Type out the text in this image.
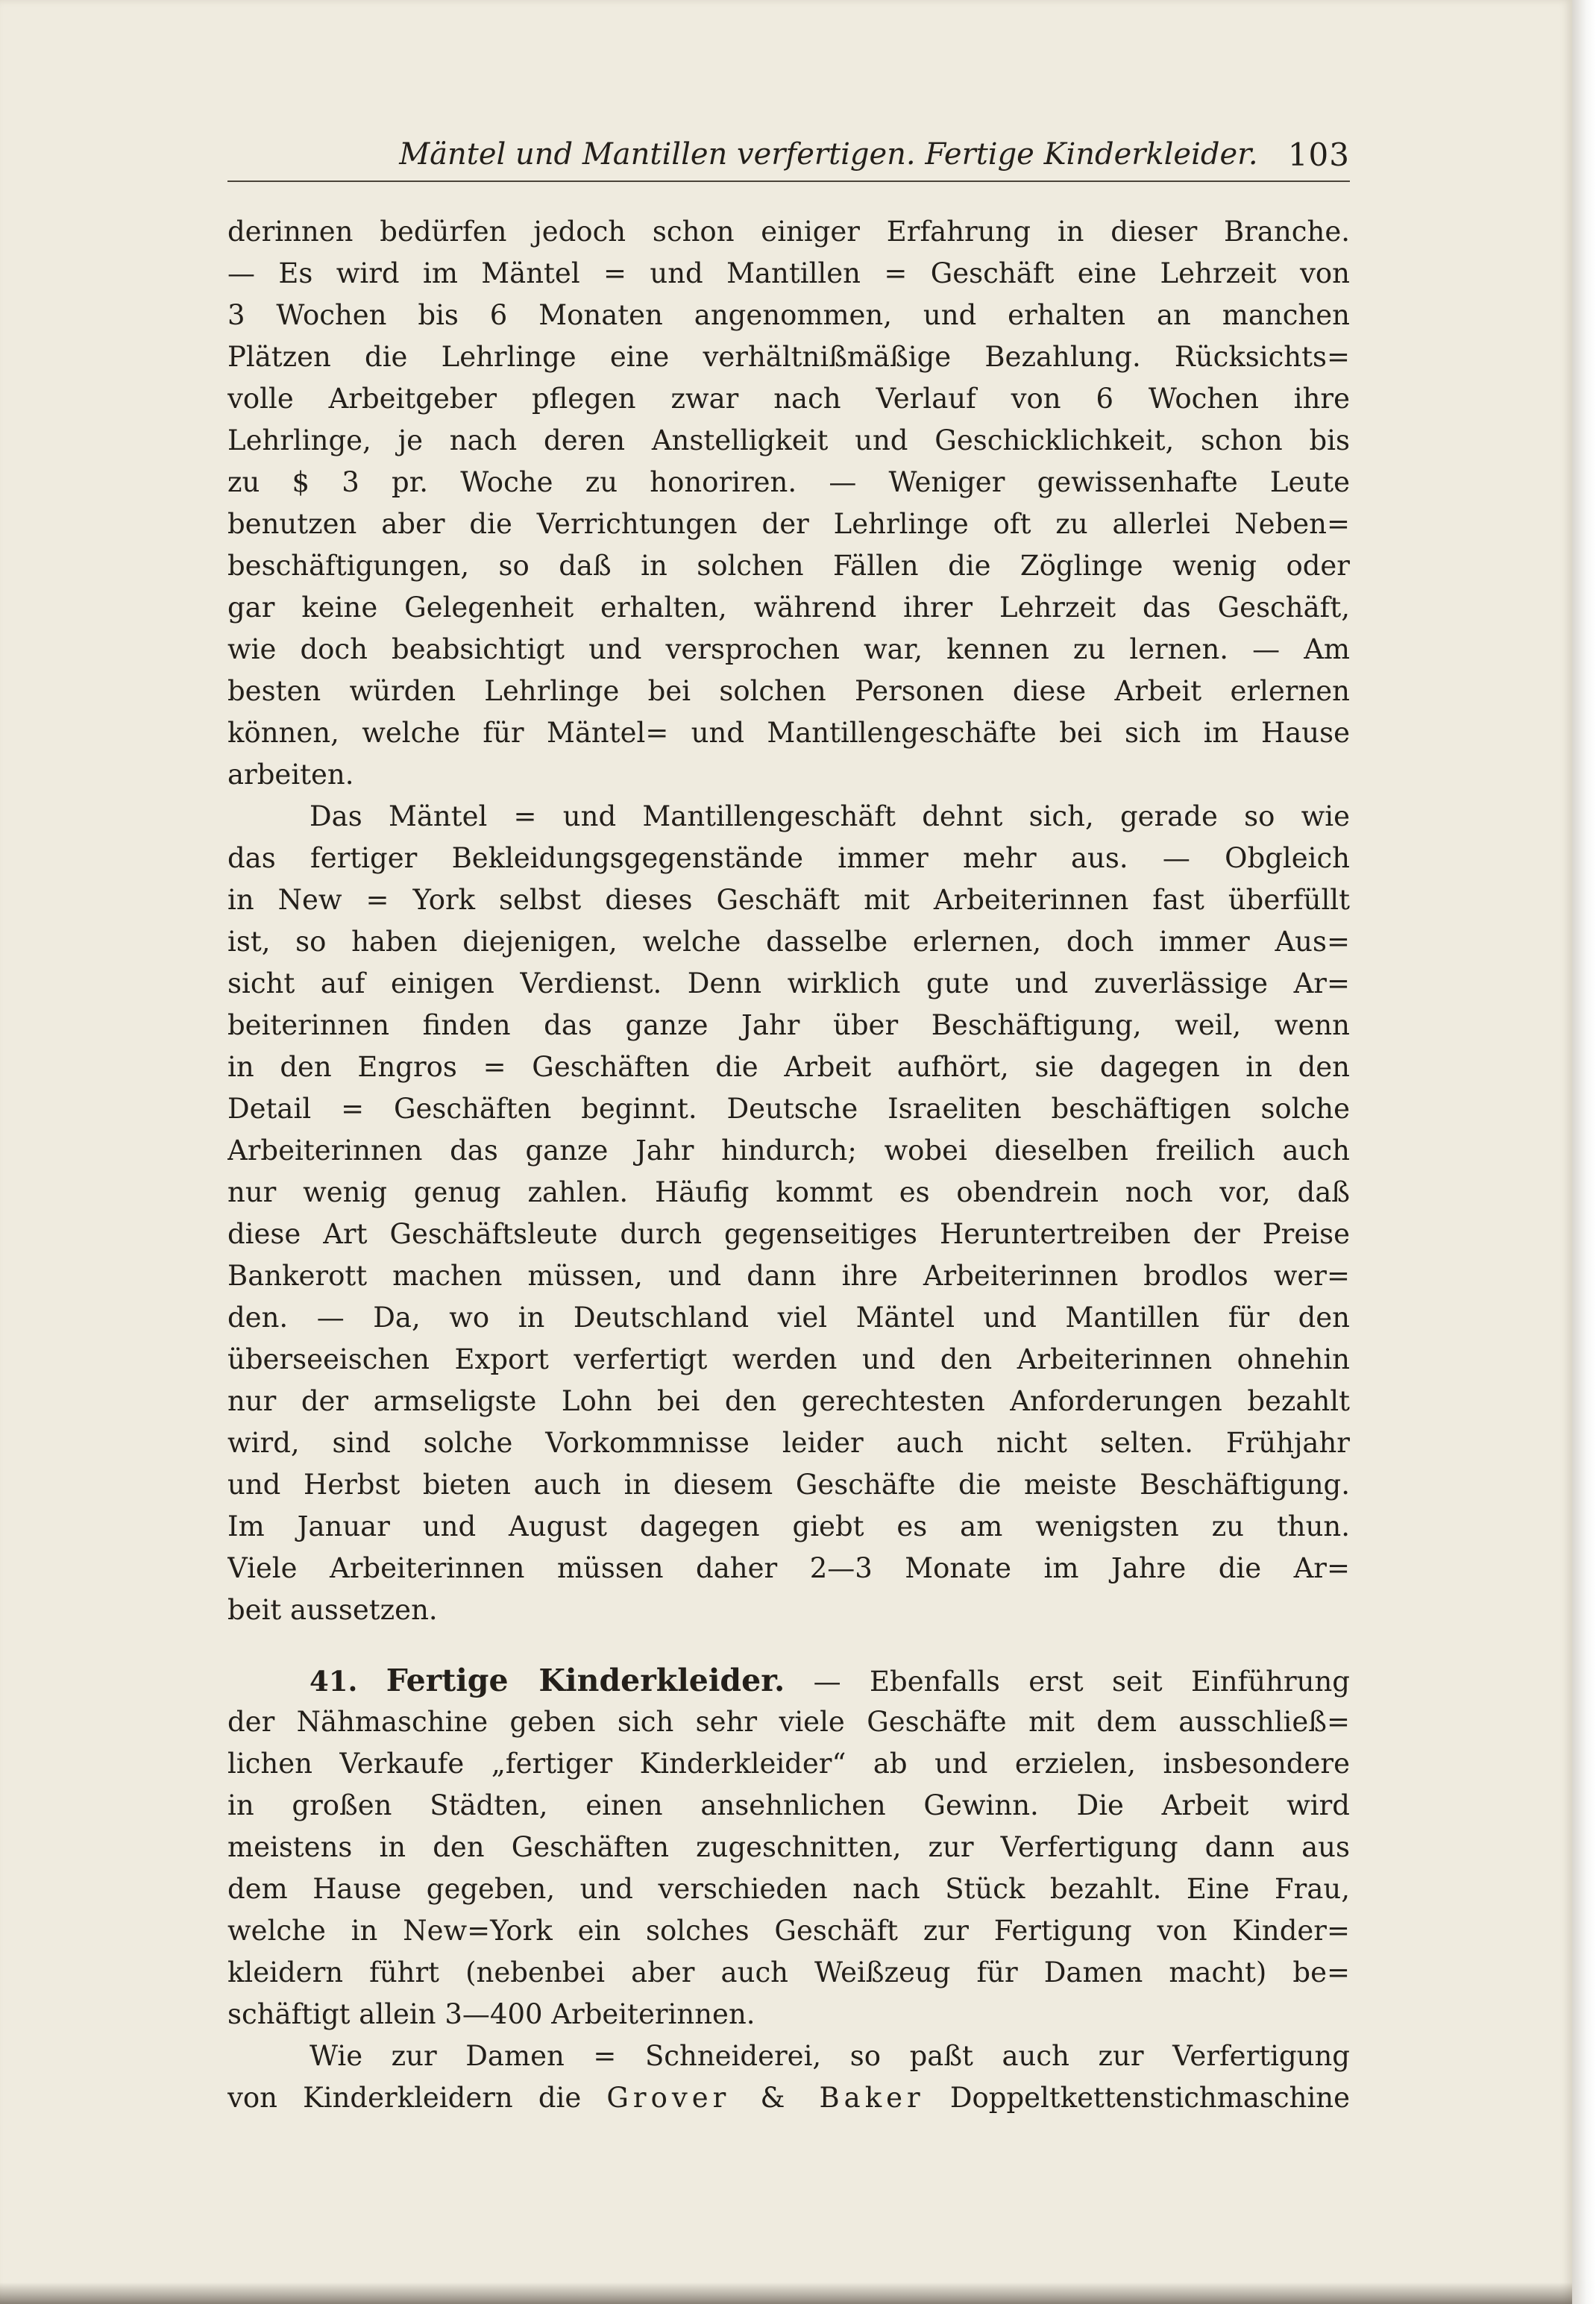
Mäntel und Mantillen verfertigen. Fertige Kinderkleider. 103
derinnen bedürfen jedoch schon einiger Erfahrung in dieser Branche.
— Es wird im Mäntel = und Mantillen = Geschäft eine Lehrzeit von
3 Wochen bis 6 Monaten angenommen, und erhalten an manchen
Plätzen die Lehrlinge eine verhältnißmäßige Bezahlung. Rücksichts=
volle Arbeitgeber pflegen zwar nach Verlauf von 6 Wochen ihre
Lehrlinge, je nach deren Anstelligkeit und Geschicklichkeit, schon bis
zu $ 3 pr. Woche zu honoriren. — Weniger gewissenhafte Leute
benutzen aber die Verrichtungen der Lehrlinge oft zu allerlei Neben=
beschäftigungen, so daß in solchen Fällen die Zöglinge wenig oder
gar keine Gelegenheit erhalten, während ihrer Lehrzeit das Geschäft,
wie doch beabsichtigt und versprochen war, kennen zu lernen. — Am
besten würden Lehrlinge bei solchen Personen diese Arbeit erlernen
können, welche für Mäntel= und Mantillengeschäfte bei sich im Hause
arbeiten.
Das Mäntel = und Mantillengeschäft dehnt sich, gerade so wie
das fertiger Bekleidungsgegenstände immer mehr aus. — Obgleich
in New = York selbst dieses Geschäft mit Arbeiterinnen fast überfüllt
ist, so haben diejenigen, welche dasselbe erlernen, doch immer Aus=
sicht auf einigen Verdienst. Denn wirklich gute und zuverlässige Ar=
beiterinnen finden das ganze Jahr über Beschäftigung, weil, wenn
in den Engros = Geschäften die Arbeit aufhört, sie dagegen in den
Detail = Geschäften beginnt. Deutsche Israeliten beschäftigen solche
Arbeiterinnen das ganze Jahr hindurch; wobei dieselben freilich auch
nur wenig genug zahlen. Häufig kommt es obendrein noch vor, daß
diese Art Geschäftsleute durch gegenseitiges Heruntertreiben der Preise
Bankerott machen müssen, und dann ihre Arbeiterinnen brodlos wer=
den. — Da, wo in Deutschland viel Mäntel und Mantillen für den
überseeischen Export verfertigt werden und den Arbeiterinnen ohnehin
nur der armseligste Lohn bei den gerechtesten Anforderungen bezahlt
wird, sind solche Vorkommnisse leider auch nicht selten. Frühjahr
und Herbst bieten auch in diesem Geschäfte die meiste Beschäftigung.
Im Januar und August dagegen giebt es am wenigsten zu thun.
Viele Arbeiterinnen müssen daher 2—3 Monate im Jahre die Ar=
beit aussetzen.
41. Fertige Kinderkleider. — Ebenfalls erst seit Einführung
der Nähmaschine geben sich sehr viele Geschäfte mit dem ausschließ=
lichen Verkaufe „fertiger Kinderkleider“ ab und erzielen, insbesondere
in großen Städten, einen ansehnlichen Gewinn. Die Arbeit wird
meistens in den Geschäften zugeschnitten, zur Verfertigung dann aus
dem Hause gegeben, und verschieden nach Stück bezahlt. Eine Frau,
welche in New=York ein solches Geschäft zur Fertigung von Kinder=
kleidern führt (nebenbei aber auch Weißzeug für Damen macht) be=
schäftigt allein 3—400 Arbeiterinnen.
Wie zur Damen = Schneiderei, so paßt auch zur Verfertigung
von Kinderkleidern die Grover & Baker Doppeltkettenstichmaschine
